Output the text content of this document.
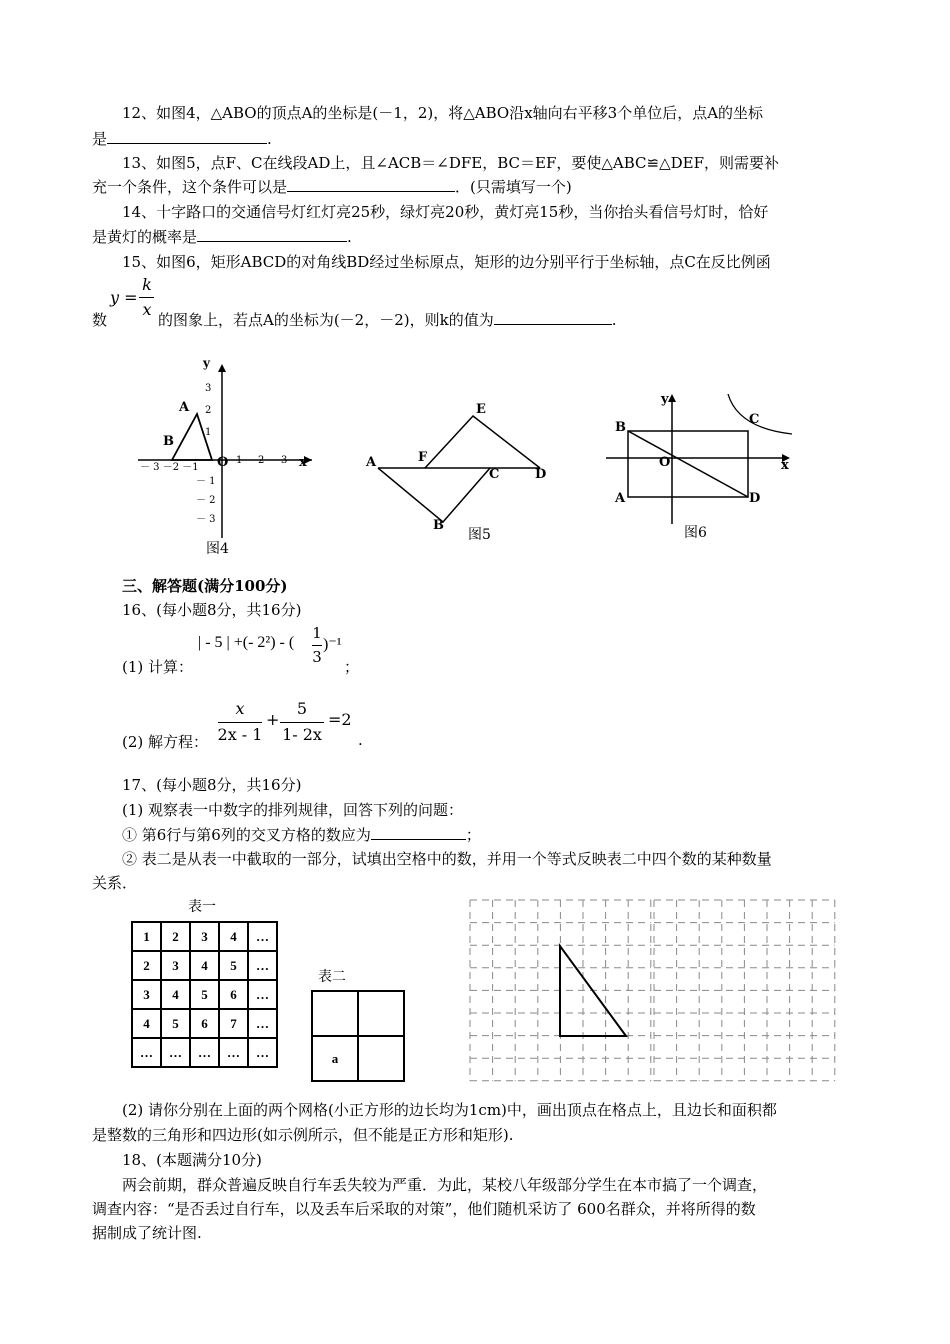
12、如图4，△ABO的顶点A的坐标是(－1，2)，将△ABO沿x轴向右平移3个单位后，点A的坐标
是	.
13、如图5，点F、C在线段AD上，且∠ACB＝∠DFE，BC＝EF，要使△ABC≌△DEF，则需要补
充一个条件，这个条件可以是	．(只需填写一个)
14、十字路口的交通信号灯红灯亮25秒，绿灯亮20秒，黄灯亮15秒，当你抬头看信号灯时，恰好
是黄灯的概率是	.
15、如图6，矩形ABCD的对角线BD经过坐标原点，矩形的边分别平行于坐标轴，点C在反比例函
数
y =
k
x
的图象上，若点A的坐标为(－2，－2)，则k的值为	.
y
x
O
A
B
3
2
1
－ 1
－ 2
－ 3
1 2 3
－ 3 －2 －1
图4
A
B
C	D
E
F
图5
y
x
O
B
C
A	D
图6
三、解答题(满分100分)
16、(每小题8分，共16分)
(1) 计算：
| - 5 | +(- 2²) - (
1
3
)⁻¹
；
(2) 解方程：
x
2x - 1
+
5
1- 2x
=2
.
17、(每小题8分，共16分)
(1) 观察表一中数字的排列规律，回答下列的问题：
① 第6行与第6列的交叉方格的数应为	；
② 表二是从表一中截取的一部分，试填出空格中的数，并用一个等式反映表二中四个数的某种数量
关系．
表一
1	2	3	4	…
2	3	4	5	…
3	4	5	6	…
4	5	6	7	…
…	…	…	…	…
表二

a	
(2) 请你分别在上面的两个网格(小正方形的边长均为1cm)中，画出顶点在格点上，且边长和面积都
是整数的三角形和四边形(如示例所示，但不能是正方形和矩形).
18、(本题满分10分)
两会前期，群众普遍反映自行车丢失较为严重．为此，某校八年级部分学生在本市搞了一个调查，
调查内容：“是否丢过自行车，以及丢车后采取的对策”，他们随机采访了 600名群众，并将所得的数
据制成了统计图.
